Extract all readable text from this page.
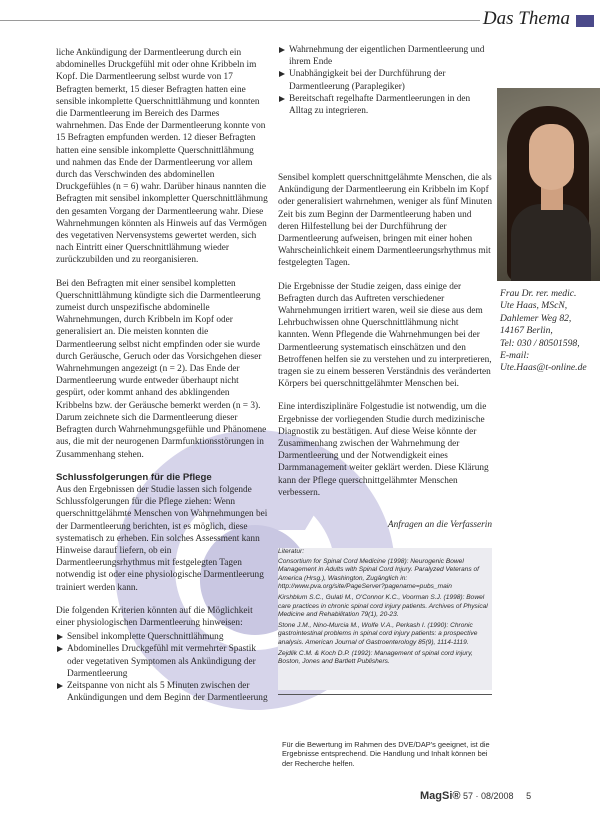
Das Thema

liche Ankündigung der Darmentleerung durch ein abdominelles Druckgefühl mit oder ohne Kribbeln im Kopf. Die Darmentleerung selbst wurde von 17 Befragten bemerkt, 15 dieser Befragten hatten eine sensible inkomplette Querschnittlähmung und konnten die Darmentleerung im Bereich des Darmes wahrnehmen. Das Ende der Darmentleerung konnte von 15 Befragten empfunden werden. 12 dieser Befragten hatten eine sensible inkomplette Querschnittlähmung und nahmen das Ende der Darmentleerung vor allem durch das Verschwinden des abdominellen Druckgefühles (n = 6) wahr. Darüber hinaus nannten die Befragten mit sensibel inkompletter Querschnittlähmung den gesamten Vorgang der Darmentleerung wahr. Diese Wahrnehmungen könnten als Hinweis auf das Vermögen des vegetativen Nervensystems gewertet werden, sich nach Eintritt einer Querschnittlähmung wieder zurückzubilden und zu reorganisieren.

Bei den Befragten mit einer sensibel kompletten Querschnittlähmung kündigte sich die Darmentleerung zumeist durch unspezifische abdominelle Wahrnehmungen, durch Kribbeln im Kopf oder generalisiert an. Die meisten konnten die Darmentleerung selbst nicht empfinden oder sie wurde durch Geräusche, Geruch oder das Vorsichgehen dieser Wahrnehmungen angezeigt (n = 2). Das Ende der Darmentleerung wurde entweder überhaupt nicht gespürt, oder kommt anhand des abklingenden Kribbelns bzw. der Geräusche bemerkt werden (n = 3). Darum zeichnete sich die Darmentleerung dieser Befragten durch Wahrnehmungsgefühle und Phänomene aus, die mit der neurogenen Darmfunktionsstörungen in Zusammenhang stehen.

Schlussfolgerungen für die Pflege

Aus den Ergebnissen der Studie lassen sich folgende Schlussfolgerungen für die Pflege ziehen: Wenn querschnittgelähmte Menschen von Wahrnehmungen bei der Darmentleerung berichten, ist es möglich, diese systematisch zu erheben. Ein solches Assessment kann Hinweise darauf liefern, ob ein Darmentleerungsrhythmus mit festgelegten Tagen notwendig ist oder eine physiologische Darmentleerung trainiert werden kann.

Die folgenden Kriterien könnten auf die Möglichkeit einer physiologischen Darmentleerung hinweisen:

Sensibel inkomplette Querschnittlähmung
Abdominelles Druckgefühl mit vermehrter Spastik oder vegetativen Symptomen als Ankündigung der Darmentleerung
Zeitspanne von nicht als 5 Minuten zwischen der Ankündigungen und dem Beginn der Darmentleerung
Wahrnehmung der eigentlichen Darmentleerung und ihrem Ende
Unabhängigkeit bei der Durchführung der Darmentleerung (Paraplegiker)
Bereitschaft regelhafte Darmentleerungen in den Alltag zu integrieren.

Sensibel komplett querschnittgelähmte Menschen, die als Ankündigung der Darmentleerung ein Kribbeln im Kopf oder generalisiert wahrnehmen, weniger als fünf Minuten Zeit bis zum Beginn der Darmentleerung haben und deren Hilfestellung bei der Durchführung der Darmentleerung aufweisen, bringen mit einer hohen Wahrscheinlichkeit einem Darmentleerungsrhythmus mit festgelegten Tagen.

Die Ergebnisse der Studie zeigen, dass einige der Befragten durch das Auftreten verschiedener Wahrnehmungen irritiert waren, weil sie diese aus dem Lehrbuchwissen ohne Querschnittlähmung nicht kannten. Wenn Pflegende die Wahrnehmungen bei der Darmentleerung systematisch einschätzen und den Betroffenen helfen sie zu verstehen und zu interpretieren, tragen sie zu einem besseren Verständnis des veränderten Körpers bei querschnittgelähmter Menschen bei.

Eine interdisziplinäre Folgestudie ist notwendig, um die Ergebnisse der vorliegenden Studie durch medizinische Diagnostik zu bestätigen. Auf diese Weise könnte der Zusammenhang zwischen der Wahrnehmung der Darmentleerung und der Notwendigkeit eines Darmmanagement weiter geklärt werden. Diese Klärung kann der Pflege querschnittgelähmter Menschen verbessern.

Anfragen an die Verfasserin
Literatur:

Consortium for Spinal Cord Medicine (1998): Neurogenic Bowel Management in Adults with Spinal Cord Injury. Paralyzed Veterans of America (Hrsg.), Washington, Zugänglich in: http://www.pva.org/site/PageServer?pagename=pubs_main

Kirshblum S.C., Gulati M., O'Connor K.C., Voorman S.J. (1998): Bowel care practices in chronic spinal cord injury patients. Archives of Physical Medicine and Rehabilitation 79(1), 20-23.

Stone J.M., Nino-Murcia M., Wolfe V.A., Perkash I. (1990): Chronic gastrointestinal problems in spinal cord injury patients: a prospective analysis. American Journal of Gastroenterology 85(9), 1114-1119.

Zejdlik C.M. & Koch D.P. (1992): Management of spinal cord injury, Boston, Jones and Bartlett Publishers.

Für die Bewertung im Rahmen des DVE/DAP's geeignet, ist die Ergebnisse entsprechend. Die Handlung und Inhalt können bei der Recherche helfen.
Frau Dr. rer. medic.
Ute Haas, MScN,
Dahlemer Weg 82,
14167 Berlin,
Tel: 030 / 80501598,
E-mail:
Ute.Haas@t-online.de
MagSi® 57 · 08/2008 5
